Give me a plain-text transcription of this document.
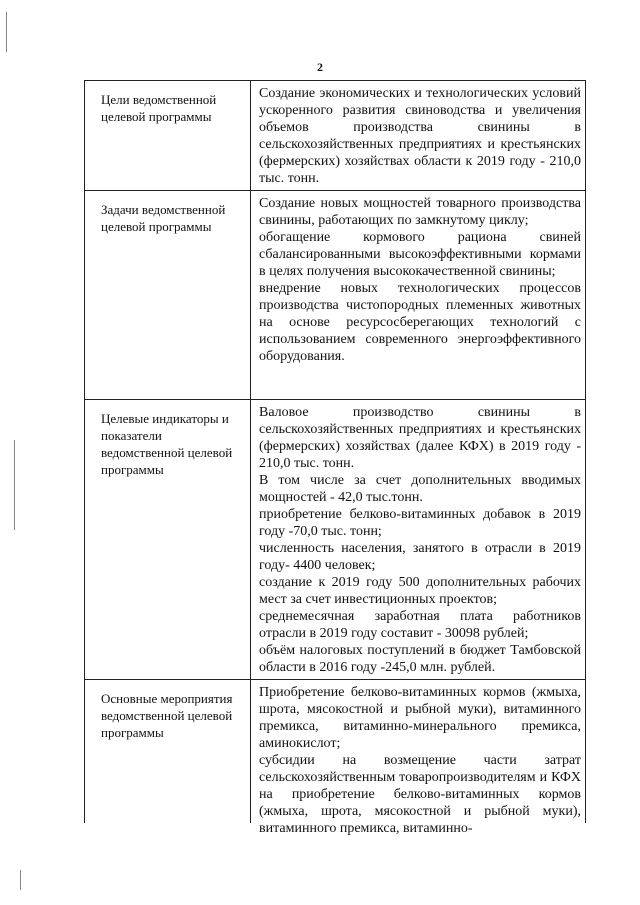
2
Цели ведомственной целевой программы

Создание экономических и технологических условий ускоренного развития свиноводства и увеличения объемов производства свинины в сельскохозяйственных предприятиях и крестьянских (фермерских) хозяйствах области к 2019 году - 210,0 тыс. тонн.

Задачи ведомственной целевой программы

Создание новых мощностей товарного производства свинины, работающих по замкнутому циклу;

обогащение кормового рациона свиней сбалансированными высокоэффективными кормами в целях получения высококачественной свинины;

внедрение новых технологических процессов производства чистопородных племенных животных на основе ресурсосберегающих технологий с использованием современного энергоэффективного оборудования.

Целевые индикаторы и показатели ведомственной целевой программы

Валовое производство свинины в сельскохозяйственных предприятиях и крестьянских (фермерских) хозяйствах (далее КФХ) в 2019 году - 210,0 тыс. тонн.

В том числе за счет дополнительных вводимых мощностей - 42,0 тыс.тонн.

приобретение белково-витаминных добавок в 2019 году -70,0 тыс. тонн;

численность населения, занятого в отрасли в 2019 году- 4400 человек;

создание к 2019 году 500 дополнительных рабочих мест за счет инвестиционных проектов;

среднемесячная заработная плата работников отрасли в 2019 году составит - 30098 рублей;

объём налоговых поступлений в бюджет Тамбовской области в 2016 году -245,0 млн. рублей.

Основные мероприятия ведомственной целевой программы

Приобретение белково-витаминных кормов (жмыха, шрота, мясокостной и рыбной муки), витаминного премикса, витаминно-минерального премикса, аминокислот;

субсидии на возмещение части затрат сельскохозяйственным товаропроизводителям и КФХ на приобретение белково-витаминных кормов (жмыха, шрота, мясокостной и рыбной муки), витаминного премикса, витаминно-
